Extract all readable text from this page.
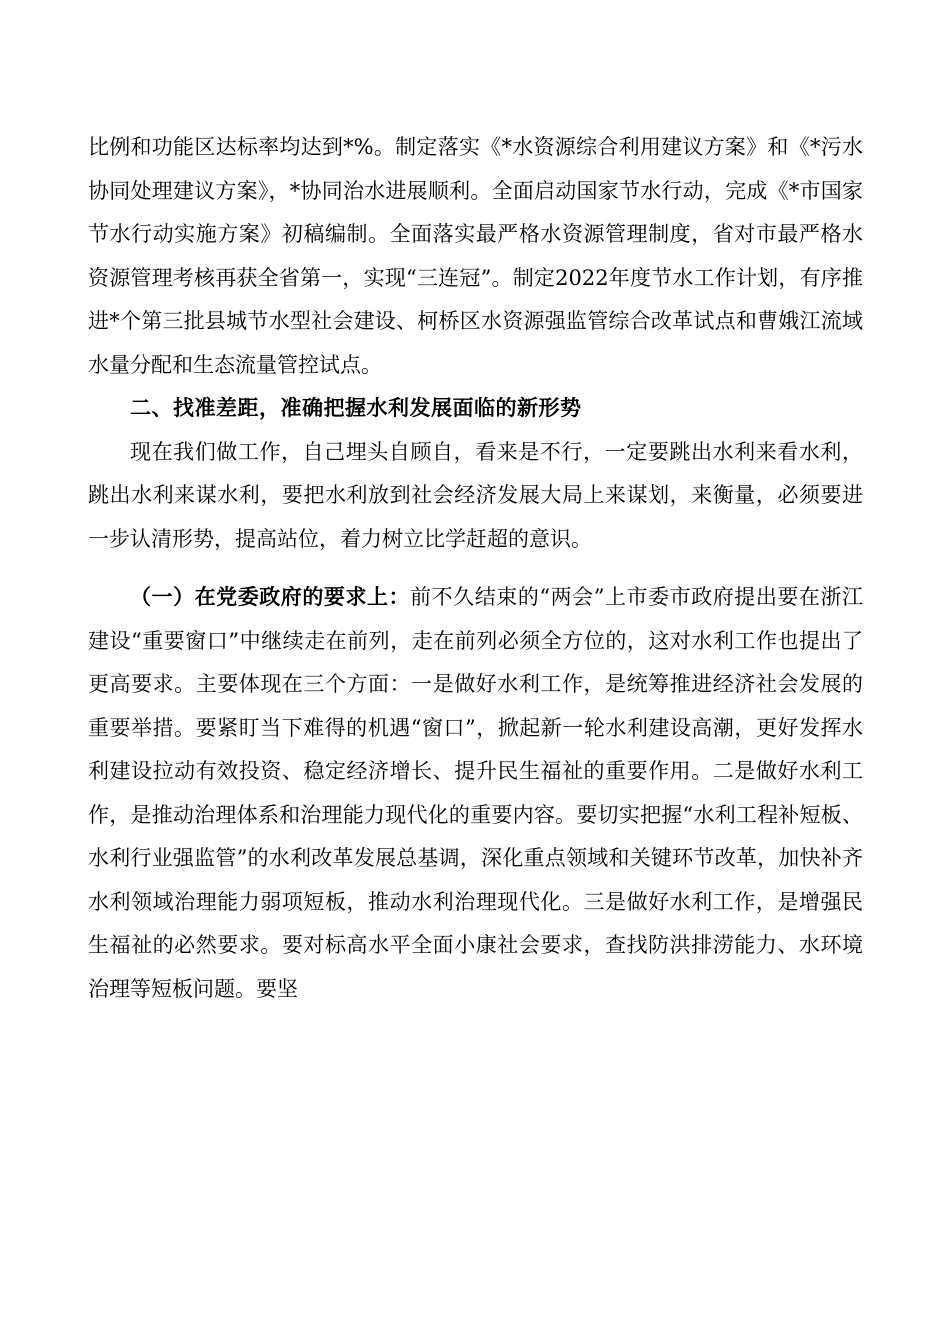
比例和功能区达标率均达到*%。制定落实《*水资源综合利用建议方案》和《*污水协同处理建议方案》，*协同治水进展顺利。全面启动国家节水行动，完成《*市国家节水行动实施方案》初稿编制。全面落实最严格水资源管理制度，省对市最严格水资源管理考核再获全省第一，实现“三连冠”。制定2022年度节水工作计划，有序推进*个第三批县城节水型社会建设、柯桥区水资源强监管综合改革试点和曹娥江流域水量分配和生态流量管控试点。

二、找准差距，准确把握水利发展面临的新形势

现在我们做工作，自己埋头自顾自，看来是不行，一定要跳出水利来看水利，跳出水利来谋水利，要把水利放到社会经济发展大局上来谋划，来衡量，必须要进一步认清形势，提高站位，着力树立比学赶超的意识。

（一）在党委政府的要求上：前不久结束的“两会”上市委市政府提出要在浙江建设“重要窗口”中继续走在前列，走在前列必须全方位的，这对水利工作也提出了更高要求。主要体现在三个方面：一是做好水利工作，是统筹推进经济社会发展的重要举措。要紧盯当下难得的机遇“窗口”，掀起新一轮水利建设高潮，更好发挥水利建设拉动有效投资、稳定经济增长、提升民生福祉的重要作用。二是做好水利工作，是推动治理体系和治理能力现代化的重要内容。要切实把握“水利工程补短板、水利行业强监管”的水利改革发展总基调，深化重点领域和关键环节改革，加快补齐水利领域治理能力弱项短板，推动水利治理现代化。三是做好水利工作，是增强民生福祉的必然要求。要对标高水平全面小康社会要求，查找防洪排涝能力、水环境治理等短板问题。要坚
